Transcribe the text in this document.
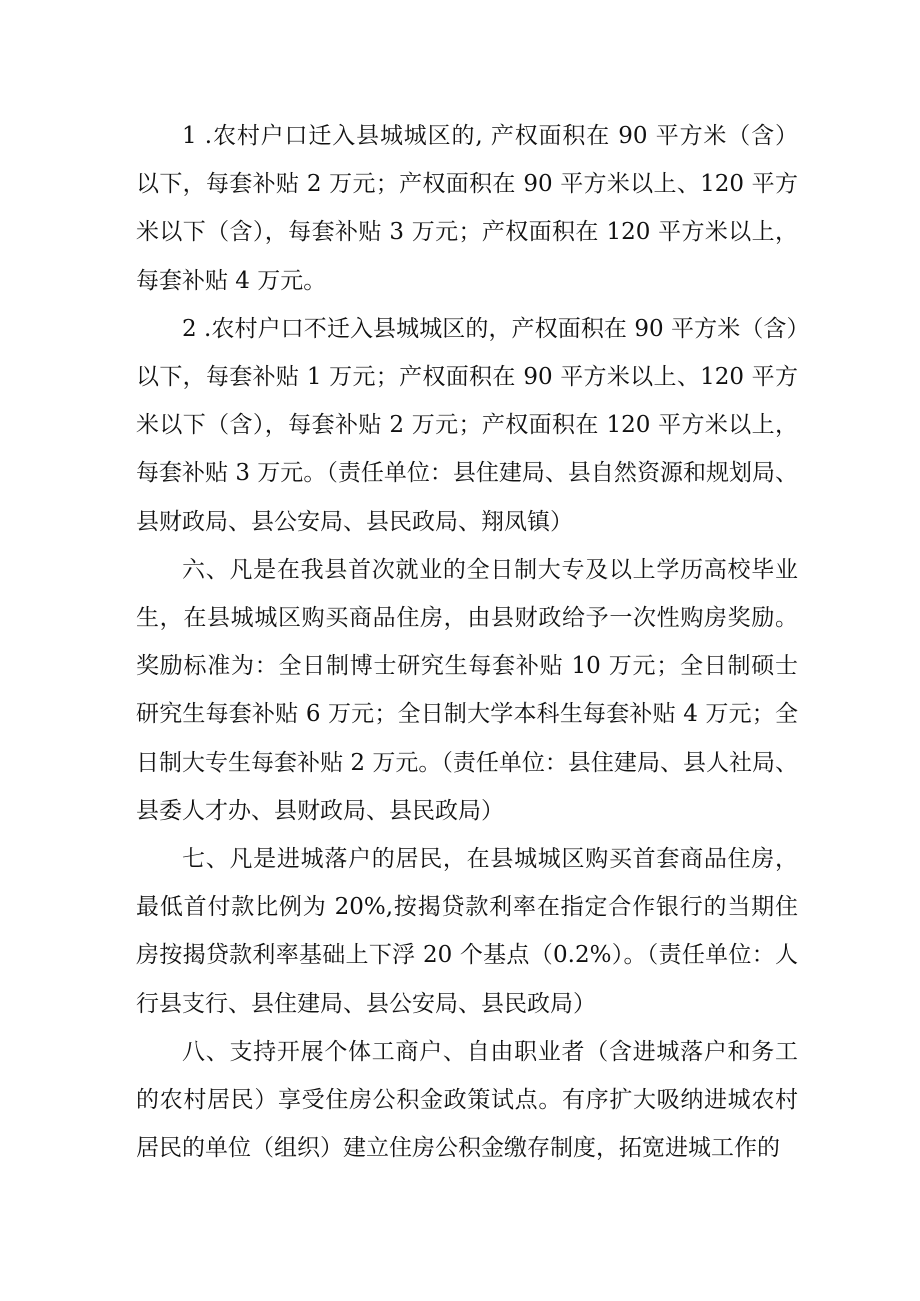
1 .农村户口迁入县城城区的, 产权面积在 90 平方米（含）以下，每套补贴 2 万元；产权面积在 90 平方米以上、120 平方米以下（含），每套补贴 3 万元；产权面积在 120 平方米以上，每套补贴 4 万元。

2 .农村户口不迁入县城城区的，产权面积在 90 平方米（含）以下，每套补贴 1 万元；产权面积在 90 平方米以上、120 平方米以下（含），每套补贴 2 万元；产权面积在 120 平方米以上，每套补贴 3 万元。（责任单位：县住建局、县自然资源和规划局、县财政局、县公安局、县民政局、翔凤镇）

六、凡是在我县首次就业的全日制大专及以上学历高校毕业生，在县城城区购买商品住房，由县财政给予一次性购房奖励。奖励标准为：全日制博士研究生每套补贴 10 万元；全日制硕士研究生每套补贴 6 万元；全日制大学本科生每套补贴 4 万元；全日制大专生每套补贴 2 万元。（责任单位：县住建局、县人社局、县委人才办、县财政局、县民政局）

七、凡是进城落户的居民，在县城城区购买首套商品住房，最低首付款比例为 20%,按揭贷款利率在指定合作银行的当期住房按揭贷款利率基础上下浮 20 个基点（0.2%）。（责任单位：人行县支行、县住建局、县公安局、县民政局）

八、支持开展个体工商户、自由职业者（含进城落户和务工的农村居民）享受住房公积金政策试点。有序扩大吸纳进城农村居民的单位（组织）建立住房公积金缴存制度，拓宽进城工作的
